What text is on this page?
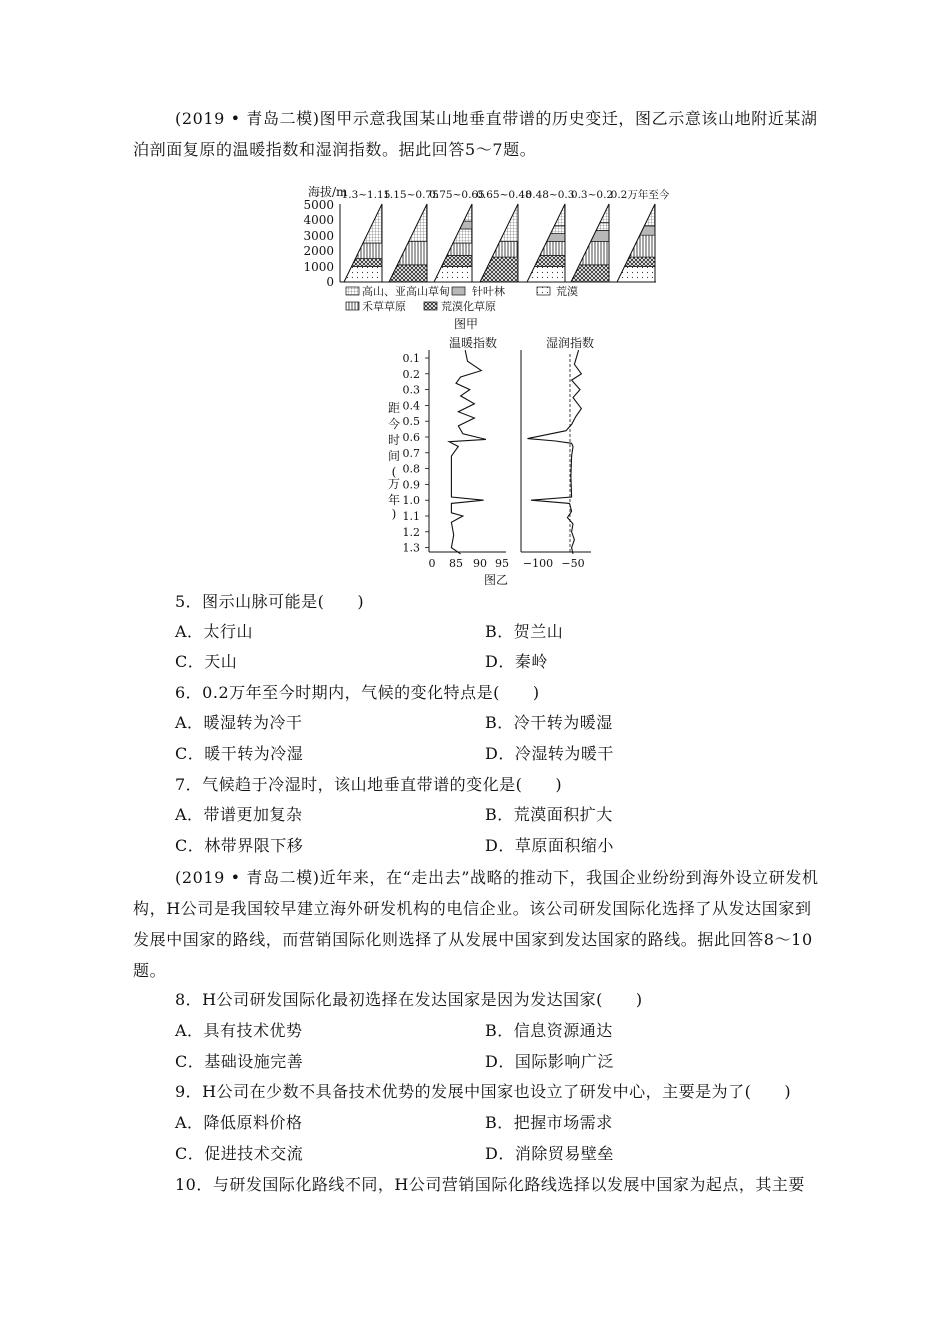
(2019 • 青岛二模)图甲示意我国某山地垂直带谱的历史变迁，图乙示意该山地附近某湖泊剖面复原的温暖指数和湿润指数。据此回答5～7题。

海拔/m
5000
4000
3000
2000
1000
0
1.3~1.15
1.15~0.75
0.75~0.65
0.65~0.48
0.48~0.3
0.3~0.2
0.2万年至今
高山、亚高山草甸 针叶林	荒漠
禾草草原	荒漠化草原
图甲
温暖指数	湿润指数
距
今
时
间
(
万
年
)
0.1
0.2
0.3
0.4
0.5
0.6
0.7
0.8
0.9
1.0
1.1
1.2
1.3
0 85 90 95 −100 −50
图乙
5．图示山脉可能是(　　)
A．太行山	B．贺兰山
C．天山	D．秦岭
6．0.2万年至今时期内，气候的变化特点是(　　)
A．暖湿转为冷干	B．冷干转为暖湿
C．暖干转为冷湿	D．冷湿转为暖干
7．气候趋于冷湿时，该山地垂直带谱的变化是(　　)
A．带谱更加复杂	B．荒漠面积扩大
C．林带界限下移	D．草原面积缩小

(2019 • 青岛二模)近年来，在“走出去”战略的推动下，我国企业纷纷到海外设立研发机构，H公司是我国较早建立海外研发机构的电信企业。该公司研发国际化选择了从发达国家到发展中国家的路线，而营销国际化则选择了从发展中国家到发达国家的路线。据此回答8～10题。

8．H公司研发国际化最初选择在发达国家是因为发达国家(　　)
A．具有技术优势	B．信息资源通达
C．基础设施完善	D．国际影响广泛
9．H公司在少数不具备技术优势的发展中国家也设立了研发中心，主要是为了(　　)
A．降低原料价格	B．把握市场需求
C．促进技术交流	D．消除贸易壁垒
10．与研发国际化路线不同，H公司营销国际化路线选择以发展中国家为起点，其主要
